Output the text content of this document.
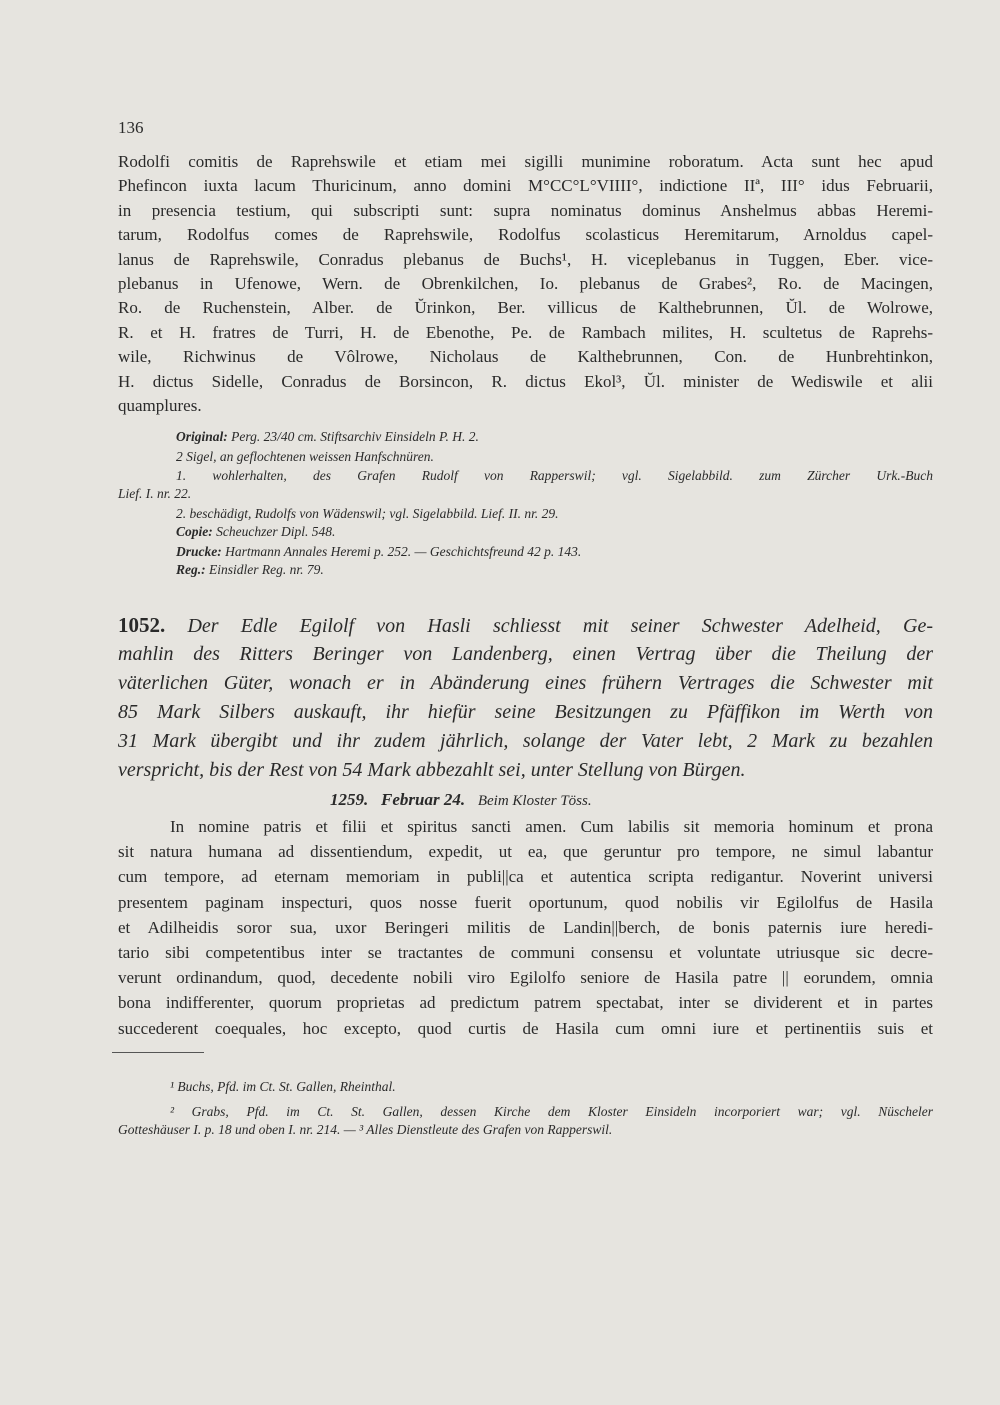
136
Rodolfi comitis de Raprehswile et etiam mei sigilli munimine roboratum. Acta sunt hec apud
Phefincon iuxta lacum Thuricinum, anno domini M°CC°L°VIIII°, indictione IIª, III° idus Februarii,
in presencia testium, qui subscripti sunt: supra nominatus dominus Anshelmus abbas Heremi-
tarum, Rodolfus comes de Raprehswile, Rodolfus scolasticus Heremitarum, Arnoldus capel-
lanus de Raprehswile, Conradus plebanus de Buchs¹, H. viceplebanus in Tuggen, Eber. vice-
plebanus in Ufenowe, Wern. de Obrenkilchen, Io. plebanus de Grabes², Ro. de Macingen,
Ro. de Ruchenstein, Alber. de Ŭrinkon, Ber. villicus de Kalthebrunnen, Ŭl. de Wolrowe,
R. et H. fratres de Turri, H. de Ebenothe, Pe. de Rambach milites, H. scultetus de Raprehs-
wile, Richwinus de Vôlrowe, Nicholaus de Kalthebrunnen, Con. de Hunbrehtinkon,
H. dictus Sidelle, Conradus de Borsincon, R. dictus Ekol³, Ŭl. minister de Wediswile et alii
quamplures.
Original: Perg. 23/40 cm. Stiftsarchiv Einsideln P. H. 2.
2 Sigel, an geflochtenen weissen Hanfschnüren.
1. wohlerhalten, des Grafen Rudolf von Rapperswil; vgl. Sigelabbild. zum Zürcher Urk.-Buch
Lief. I. nr. 22.
2. beschädigt, Rudolfs von Wädenswil; vgl. Sigelabbild. Lief. II. nr. 29.
Copie: Scheuchzer Dipl. 548.
Drucke: Hartmann Annales Heremi p. 252. — Geschichtsfreund 42 p. 143.
Reg.: Einsidler Reg. nr. 79.
1052. Der Edle Egilolf von Hasli schliesst mit seiner Schwester Adelheid, Ge-
mahlin des Ritters Beringer von Landenberg, einen Vertrag über die Theilung der
väterlichen Güter, wonach er in Abänderung eines frühern Vertrages die Schwester mit
85 Mark Silbers auskauft, ihr hiefür seine Besitzungen zu Pfäffikon im Werth von
31 Mark übergibt und ihr zudem jährlich, solange der Vater lebt, 2 Mark zu bezahlen
verspricht, bis der Rest von 54 Mark abbezahlt sei, unter Stellung von Bürgen.
1259. Februar 24. Beim Kloster Töss.
In nomine patris et filii et spiritus sancti amen. Cum labilis sit memoria hominum et prona
sit natura humana ad dissentiendum, expedit, ut ea, que geruntur pro tempore, ne simul labantur
cum tempore, ad eternam memoriam in publi||ca et autentica scripta redigantur. Noverint universi
presentem paginam inspecturi, quos nosse fuerit oportunum, quod nobilis vir Egilolfus de Hasila
et Adilheidis soror sua, uxor Beringeri militis de Landin||berch, de bonis paternis iure heredi-
tario sibi competentibus inter se tractantes de communi consensu et voluntate utriusque sic decre-
verunt ordinandum, quod, decedente nobili viro Egilolfo seniore de Hasila patre || eorundem, omnia
bona indifferenter, quorum proprietas ad predictum patrem spectabat, inter se dividerent et in partes
succederent coequales, hoc excepto, quod curtis de Hasila cum omni iure et pertinentiis suis et
¹ Buchs, Pfd. im Ct. St. Gallen, Rheinthal.
² Grabs, Pfd. im Ct. St. Gallen, dessen Kirche dem Kloster Einsideln incorporiert war; vgl. Nüscheler
Gotteshäuser I. p. 18 und oben I. nr. 214. — ³ Alles Dienstleute des Grafen von Rapperswil.
